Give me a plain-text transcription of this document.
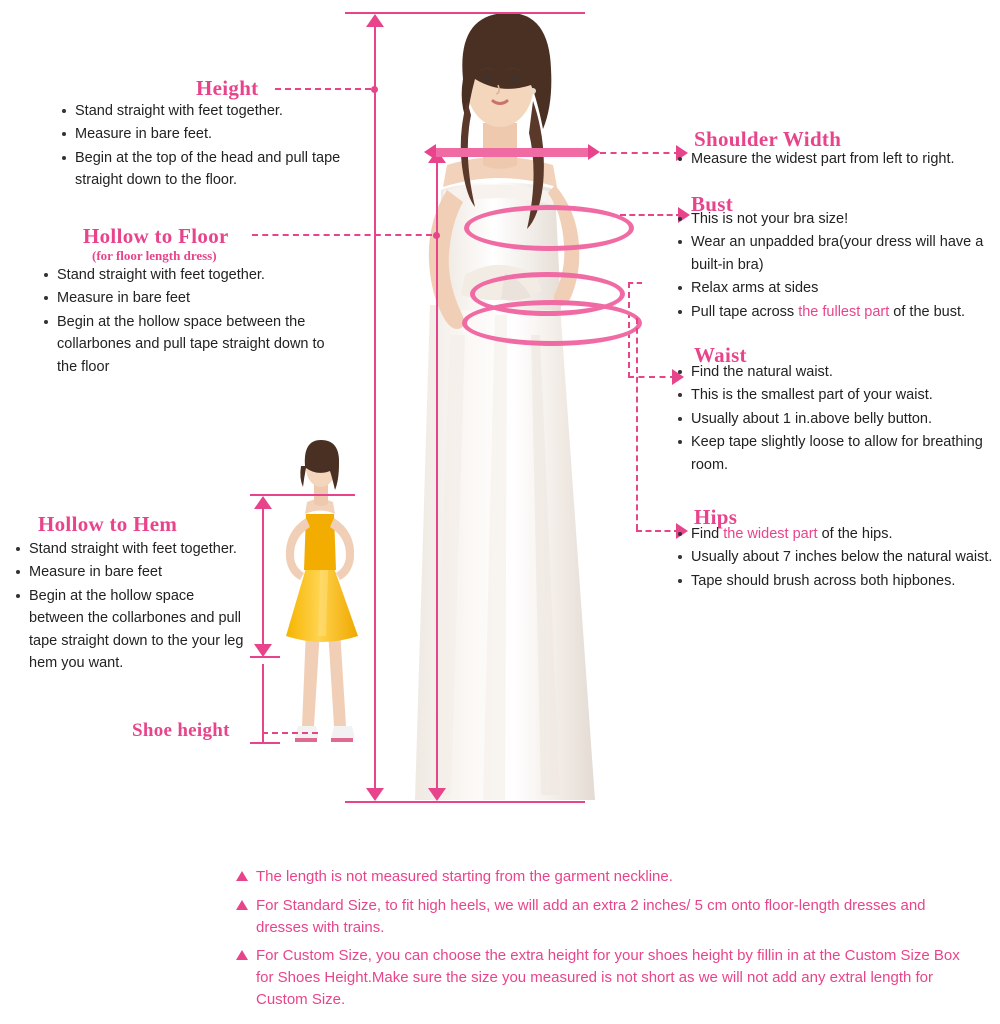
Height
Stand straight with feet together.
Measure in bare feet.
Begin at the top of the head and pull tape straight down to the floor.
Hollow to Floor
(for floor length dress)
Stand straight with feet together.
Measure in bare feet
Begin at the hollow space between the collarbones and pull tape straight down to the floor
Hollow to Hem
Stand straight with feet together.
Measure in bare feet
Begin at the hollow space between the collarbones and pull tape straight down to the your leg hem you want.
Shoe height
Shoulder Width
Measure the widest part from left to right.
Bust
This is not your bra size!
Wear an unpadded bra(your dress will have a built-in bra)
Relax arms at sides
Pull tape across the fullest part of the bust.
Waist
Find the natural waist.
This is the smallest part of your waist.
Usually about 1 in.above belly button.
Keep tape slightly loose to allow for breathing room.
Hips
Find the widest part of the hips.
Usually about 7 inches below the natural waist.
Tape should brush across both hipbones.
The length is not measured starting from the garment neckline.
For Standard Size, to fit high heels, we will add an extra 2 inches/ 5 cm onto floor-length dresses and dresses with trains.
For Custom Size, you can choose the extra height for your shoes height by fillin in at the Custom Size Box for Shoes Height.Make sure the size you measured is not short as we will not add any extral length for Custom Size.
